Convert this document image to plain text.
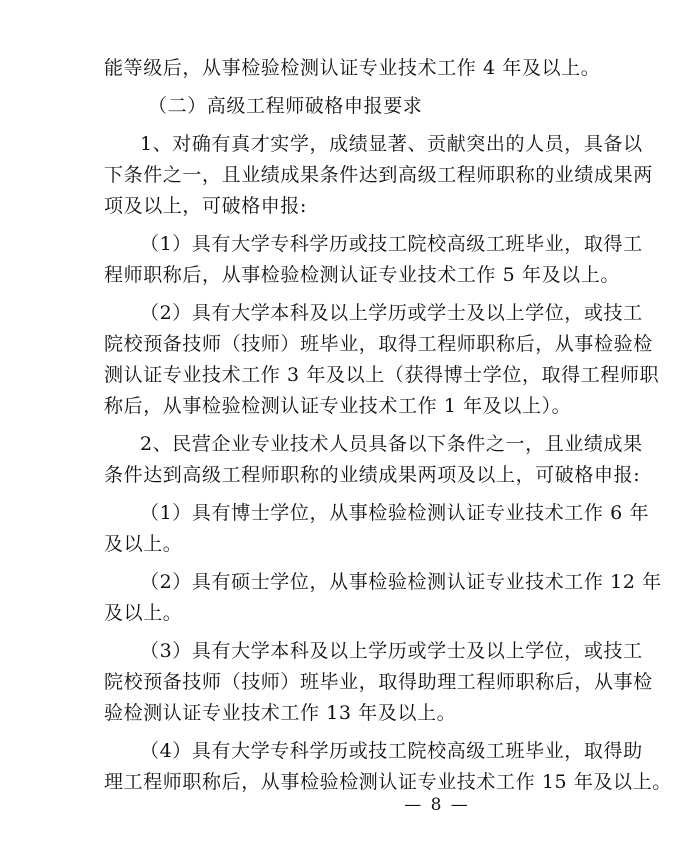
能等级后，从事检验检测认证专业技术工作 4 年及以上。
（二）高级工程师破格申报要求
1、对确有真才实学，成绩显著、贡献突出的人员，具备以
下条件之一，且业绩成果条件达到高级工程师职称的业绩成果两
项及以上，可破格申报:
（1）具有大学专科学历或技工院校高级工班毕业，取得工
程师职称后，从事检验检测认证专业技术工作 5 年及以上。
（2）具有大学本科及以上学历或学士及以上学位，或技工
院校预备技师（技师）班毕业，取得工程师职称后，从事检验检
测认证专业技术工作 3 年及以上（获得博士学位，取得工程师职
称后，从事检验检测认证专业技术工作 1 年及以上）。
2、民营企业专业技术人员具备以下条件之一，且业绩成果
条件达到高级工程师职称的业绩成果两项及以上，可破格申报:
（1）具有博士学位，从事检验检测认证专业技术工作 6 年
及以上。
（2）具有硕士学位，从事检验检测认证专业技术工作 12 年
及以上。
（3）具有大学本科及以上学历或学士及以上学位，或技工
院校预备技师（技师）班毕业，取得助理工程师职称后，从事检
验检测认证专业技术工作 13 年及以上。
（4）具有大学专科学历或技工院校高级工班毕业，取得助
理工程师职称后，从事检验检测认证专业技术工作 15 年及以上。
— 8 —
